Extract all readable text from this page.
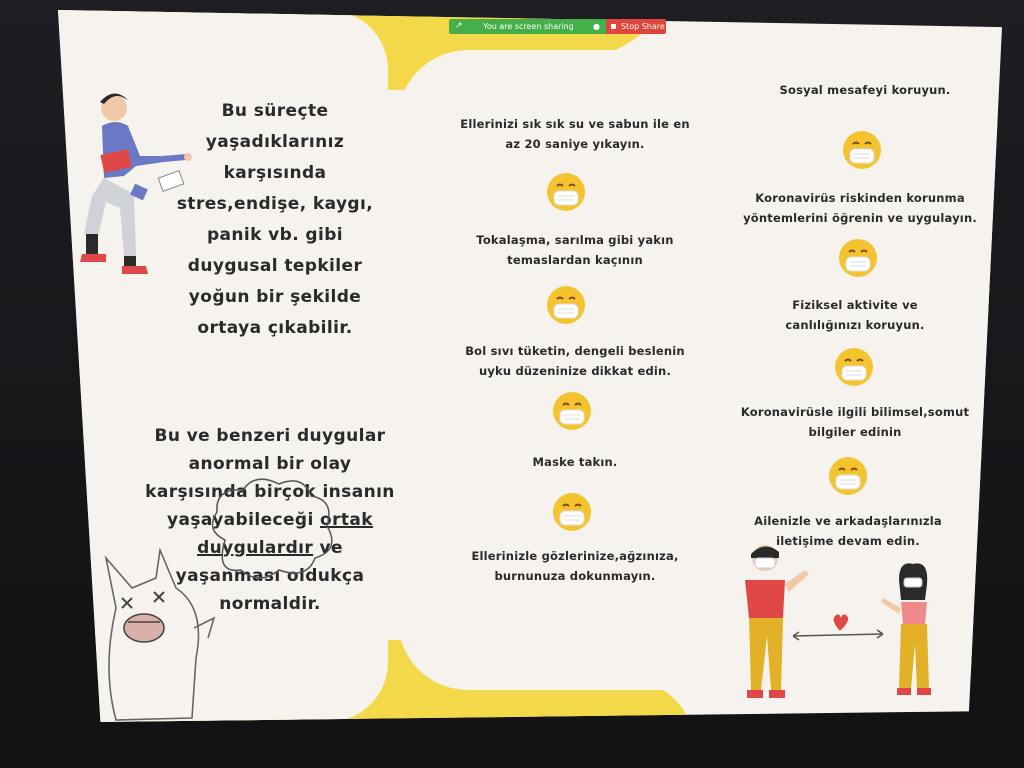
Bu süreçte
yaşadıklarınız
karşısında
stres,endişe, kaygı,
panik vb. gibi
duygusal tepkiler
yoğun bir şekilde
ortaya çıkabilir.
Bu ve benzeri duygular
anormal bir olay
karşısında birçok insanın
yaşayabileceği ortak
duygulardır ve
yaşanması oldukça
normaldir.
Ellerinizi sık sık su ve sabun ile en
az 20 saniye yıkayın.
Tokalaşma, sarılma gibi yakın
temaslardan kaçının
Bol sıvı tüketin, dengeli beslenin
uyku düzeninize dikkat edin.
Maske takın.
Ellerinizle gözlerinize,ağzınıza,
burnunuza dokunmayın.
Sosyal mesafeyi koruyun.
Koronavirüs riskinden korunma
yöntemlerini öğrenin ve uygulayın.
Fiziksel aktivite ve
canlılığınızı koruyun.
Koronavirüsle ilgili bilimsel,somut
bilgiler edinin
Ailenizle ve arkadaşlarınızla
iletişime devam edin.
↗	You are screen sharing ●	Stop Share
